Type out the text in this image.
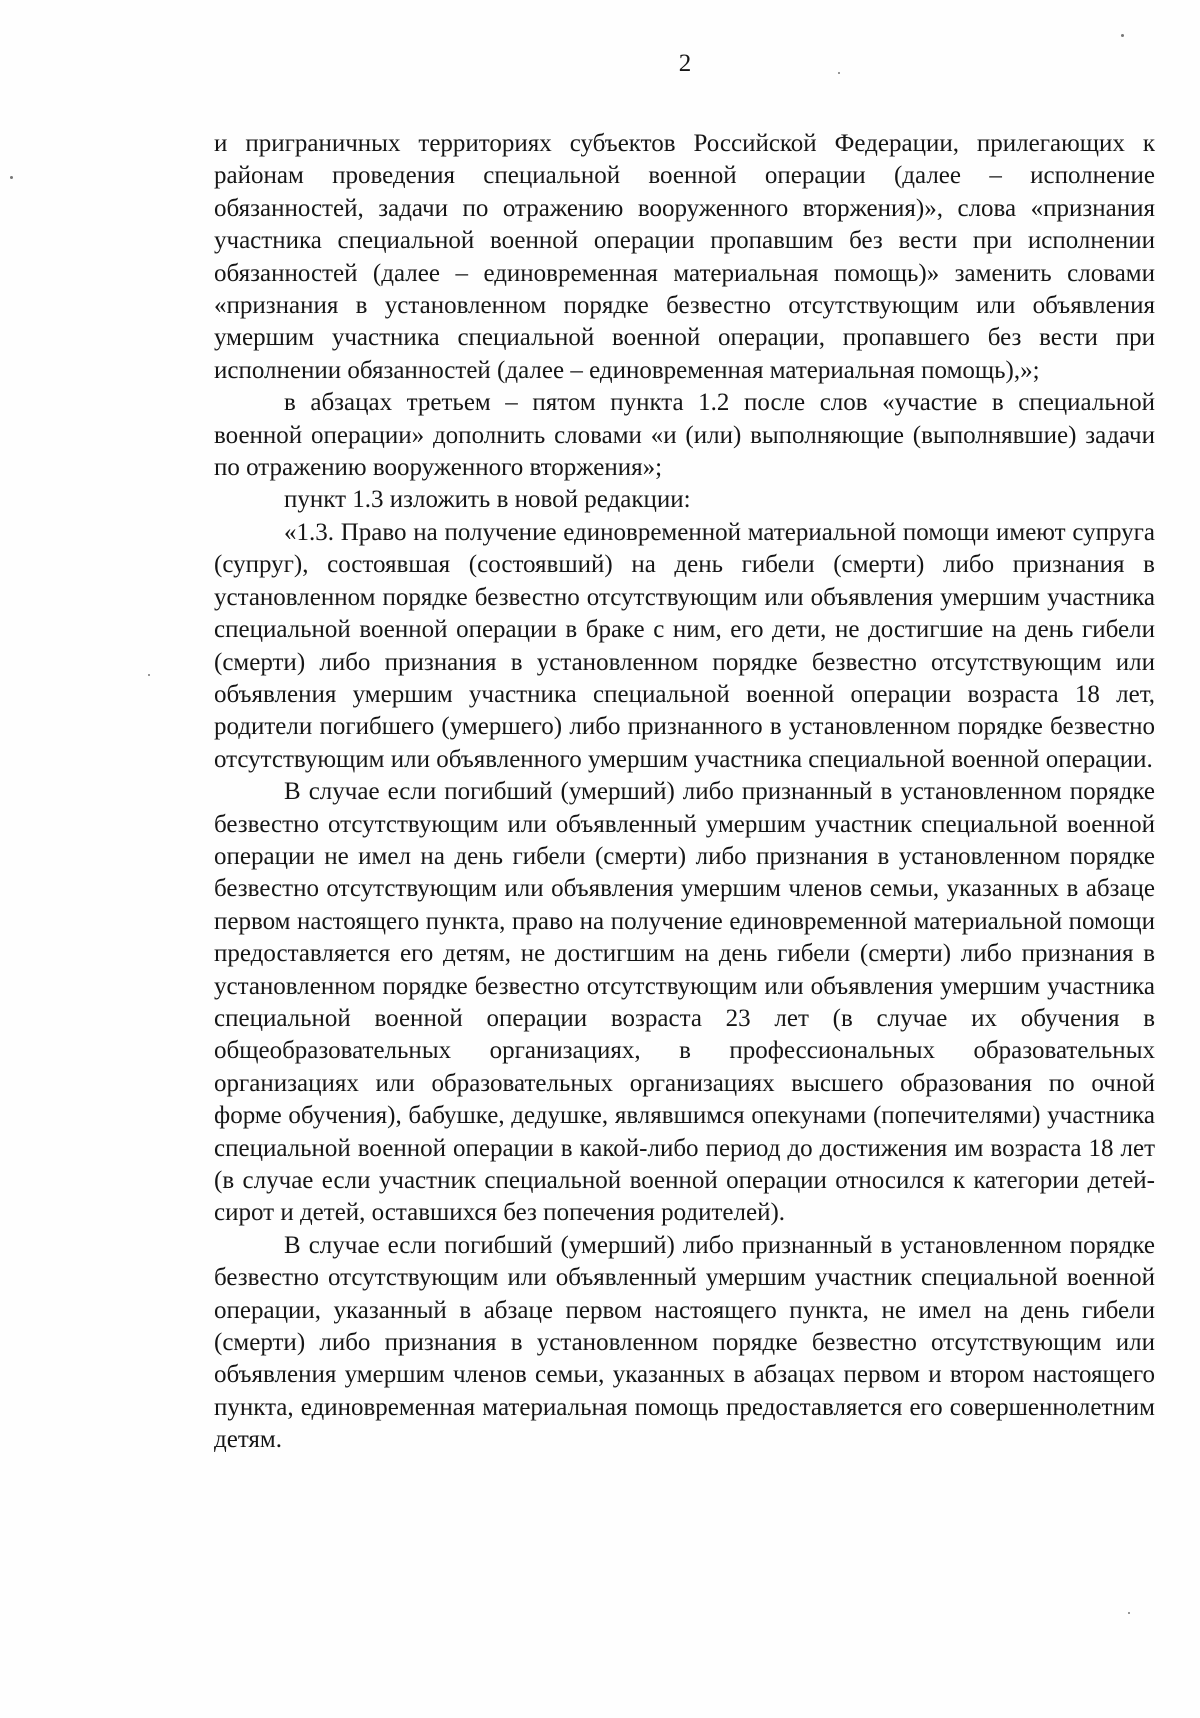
2

и приграничных территориях субъектов Российской Федерации, прилегающих к районам проведения специальной военной операции (далее – исполнение обязанностей, задачи по отражению вооруженного вторжения)», слова «признания участника специальной военной операции пропавшим без вести при исполнении обязанностей (далее – единовременная материальная помощь)» заменить словами «признания в установленном порядке безвестно отсутствующим или объявления умершим участника специальной военной операции, пропавшего без вести при исполнении обязанностей (далее – единовременная материальная помощь),»;

в абзацах третьем – пятом пункта 1.2 после слов «участие в специальной военной операции» дополнить словами «и (или) выполняющие (выполнявшие) задачи по отражению вооруженного вторжения»;

пункт 1.3 изложить в новой редакции:

«1.3. Право на получение единовременной материальной помощи имеют супруга (супруг), состоявшая (состоявший) на день гибели (смерти) либо признания в установленном порядке безвестно отсутствующим или объявления умершим участника специальной военной операции в браке с ним, его дети, не достигшие на день гибели (смерти) либо признания в установленном порядке безвестно отсутствующим или объявления умершим участника специальной военной операции возраста 18 лет, родители погибшего (умершего) либо признанного в установленном порядке безвестно отсутствующим или объявленного умершим участника специальной военной операции.

В случае если погибший (умерший) либо признанный в установленном порядке безвестно отсутствующим или объявленный умершим участник специальной военной операции не имел на день гибели (смерти) либо признания в установленном порядке безвестно отсутствующим или объявления умершим членов семьи, указанных в абзаце первом настоящего пункта, право на получение единовременной материальной помощи предоставляется его детям, не достигшим на день гибели (смерти) либо признания в установленном порядке безвестно отсутствующим или объявления умершим участника специальной военной операции возраста 23 лет (в случае их обучения в общеобразовательных организациях, в профессиональных образовательных организациях или образовательных организациях высшего образования по очной форме обучения), бабушке, дедушке, являвшимся опекунами (попечителями) участника специальной военной операции в какой-либо период до достижения им возраста 18 лет (в случае если участник специальной военной операции относился к категории детей-сирот и детей, оставшихся без попечения родителей).

В случае если погибший (умерший) либо признанный в установленном порядке безвестно отсутствующим или объявленный умершим участник специальной военной операции, указанный в абзаце первом настоящего пункта, не имел на день гибели (смерти) либо признания в установленном порядке безвестно отсутствующим или объявления умершим членов семьи, указанных в абзацах первом и втором настоящего пункта, единовременная материальная помощь предоставляется его совершеннолетним детям.
